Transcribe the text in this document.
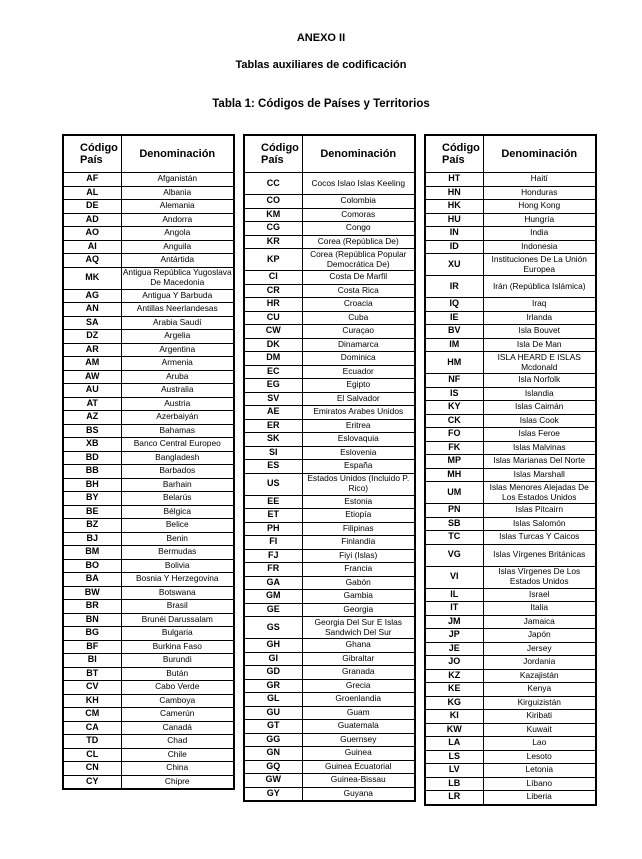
ANEXO II
Tablas auxiliares de codificación
Tabla 1: Códigos de Países y Territorios
Código País	Denominación
AF	Afganistán
AL	Albania
DE	Alemania
AD	Andorra
AO	Angola
AI	Anguila
AQ	Antártida
MK	Antigua República Yugoslava De Macedonia
AG	Antigua Y Barbuda
AN	Antillas Neerlandesas
SA	Arabia Saudí
DZ	Argelia
AR	Argentina
AM	Armenia
AW	Aruba
AU	Australia
AT	Austria
AZ	Azerbaiyán
BS	Bahamas
XB	Banco Central Europeo
BD	Bangladesh
BB	Barbados
BH	Barhain
BY	Belarús
BE	Bélgica
BZ	Belice
BJ	Benin
BM	Bermudas
BO	Bolivia
BA	Bosnia Y Herzegovina
BW	Botswana
BR	Brasil
BN	Brunéi Darussalam
BG	Bulgaria
BF	Burkina Faso
BI	Burundi
BT	Bután
CV	Cabo Verde
KH	Camboya
CM	Camerún
CA	Canadá
TD	Chad
CL	Chile
CN	China
CY	Chipre
Código País	Denominación
CC	Cocos Islao Islas Keeling
CO	Colombia
KM	Comoras
CG	Congo
KR	Corea (República De)
KP	Corea (República Popular Democrática De)
CI	Costa De Marfil
CR	Costa Rica
HR	Croacia
CU	Cuba
CW	Curaçao
DK	Dinamarca
DM	Dominica
EC	Ecuador
EG	Egipto
SV	El Salvador
AE	Emiratos Arabes Unidos
ER	Eritrea
SK	Eslovaquia
SI	Eslovenia
ES	España
US	Estados Unidos (Incluido P. Rico)
EE	Estonia
ET	Etiopía
PH	Filipinas
FI	Finlandia
FJ	Fiyi (Islas)
FR	Francia
GA	Gabón
GM	Gambia
GE	Georgia
GS	Georgia Del Sur E Islas Sandwich Del Sur
GH	Ghana
GI	Gibraltar
GD	Granada
GR	Grecia
GL	Groenlandia
GU	Guam
GT	Guatemala
GG	Guernsey
GN	Guinea
GQ	Guinea Ecuatorial
GW	Guinea-Bissau
GY	Guyana
Código País	Denominación
HT	Haití
HN	Honduras
HK	Hong Kong
HU	Hungría
IN	India
ID	Indonesia
XU	Instituciones De La Unión Europea
IR	Irán (República Islámica)
IQ	Iraq
IE	Irlanda
BV	Isla Bouvet
IM	Isla De Man
HM	ISLA HEARD E ISLAS Mcdonald
NF	Isla Norfolk
IS	Islandia
KY	Islas Caimán
CK	Islas Cook
FO	Islas Feroe
FK	Islas Malvinas
MP	Islas Marianas Del Norte
MH	Islas Marshall
UM	Islas Menores Alejadas De Los Estados Unidos
PN	Islas Pitcairn
SB	Islas Salomón
TC	Islas Turcas Y Caicos
VG	Islas Vírgenes Británicas
VI	Islas Vírgenes De Los Estados Unidos
IL	Israel
IT	Italia
JM	Jamaica
JP	Japón
JE	Jersey
JO	Jordania
KZ	Kazajistán
KE	Kenya
KG	Kirguizistán
KI	Kiribati
KW	Kuwait
LA	Lao
LS	Lesoto
LV	Letonia
LB	Líbano
LR	Liberia
